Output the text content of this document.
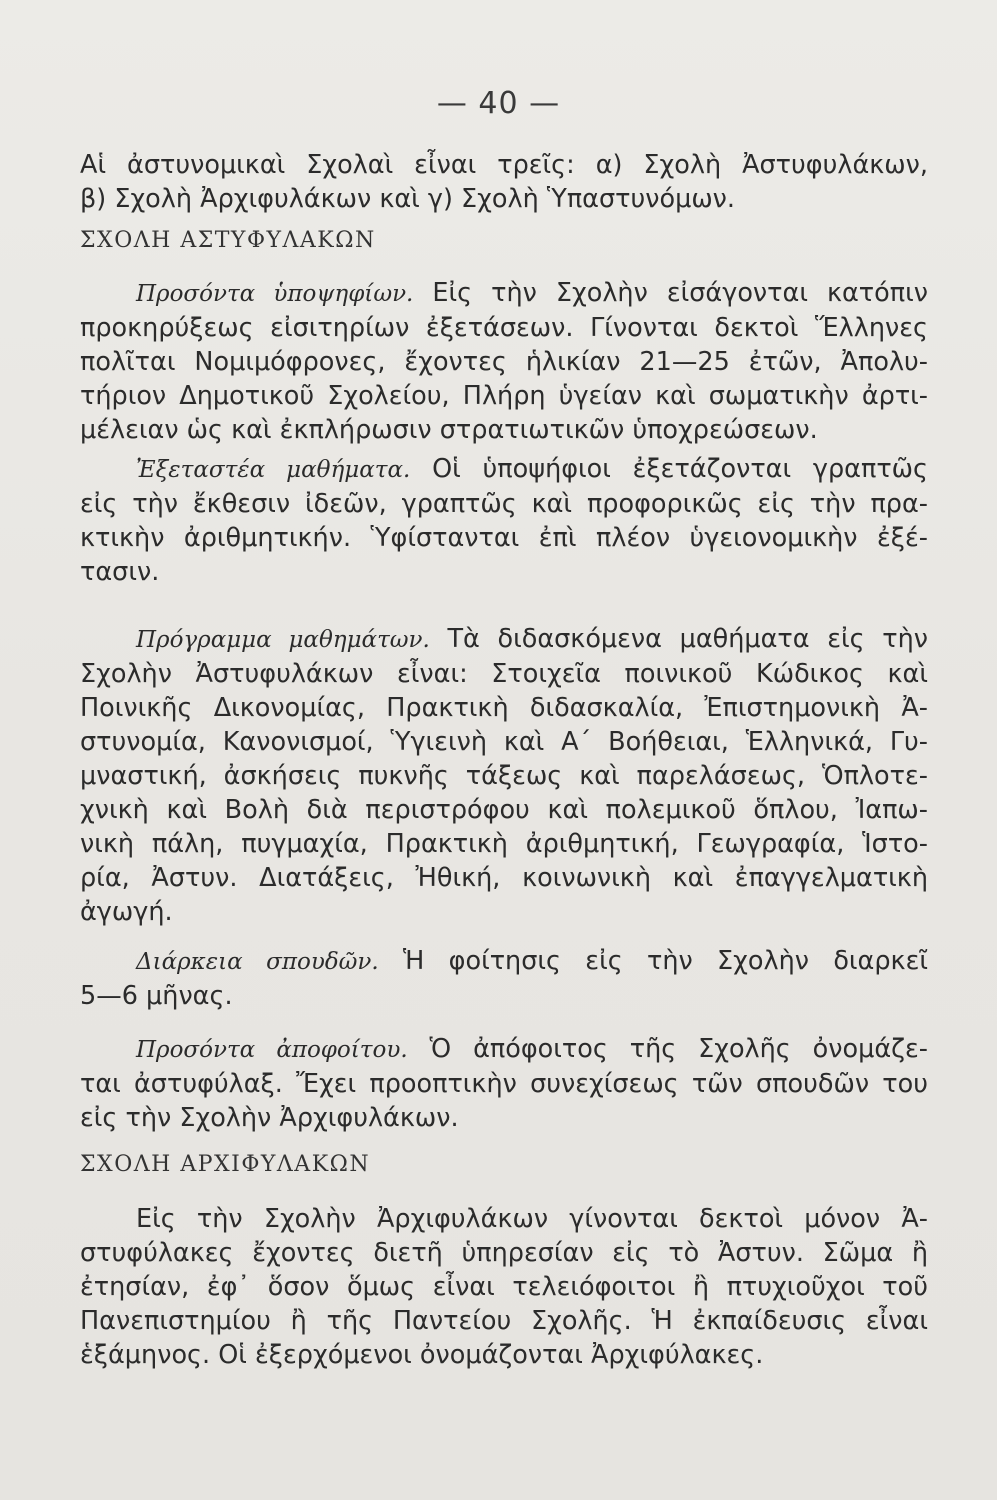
— 40 —
Αἱ ἀστυνομικαὶ Σχολαὶ εἶναι τρεῖς: α) Σχολὴ Ἀστυφυλάκων,
β) Σχολὴ Ἀρχιφυλάκων καὶ γ) Σχολὴ Ὑπαστυνόμων.
ΣΧΟΛΗ ΑΣΤΥΦΥΛΑΚΩΝ
Προσόντα ὑποψηφίων. Εἰς τὴν Σχολὴν εἰσάγονται κατόπιν
προκηρύξεως εἰσιτηρίων ἐξετάσεων. Γίνονται δεκτοὶ Ἕλληνες
πολῖται Νομιμόφρονες, ἔχοντες ἡλικίαν 21—25 ἐτῶν, Ἀπολυ-
τήριον Δημοτικοῦ Σχολείου, Πλήρη ὑγείαν καὶ σωματικὴν ἀρτι-
μέλειαν ὡς καὶ ἐκπλήρωσιν στρατιωτικῶν ὑποχρεώσεων.
Ἐξεταστέα μαθήματα. Οἱ ὑποψήφιοι ἐξετάζονται γραπτῶς
εἰς τὴν ἔκθεσιν ἰδεῶν, γραπτῶς καὶ προφορικῶς εἰς τὴν πρα-
κτικὴν ἀριθμητικήν. Ὑφίστανται ἐπὶ πλέον ὑγειονομικὴν ἐξέ-
τασιν.
Πρόγραμμα μαθημάτων. Τὰ διδασκόμενα μαθήματα εἰς τὴν
Σχολὴν Ἀστυφυλάκων εἶναι: Στοιχεῖα ποινικοῦ Κώδικος καὶ
Ποινικῆς Δικονομίας, Πρακτικὴ διδασκαλία, Ἐπιστημονικὴ Ἀ-
στυνομία, Κανονισμοί, Ὑγιεινὴ καὶ Α΄ Βοήθειαι, Ἑλληνικά, Γυ-
μναστική, ἀσκήσεις πυκνῆς τάξεως καὶ παρελάσεως, Ὁπλοτε-
χνικὴ καὶ Βολὴ διὰ περιστρόφου καὶ πολεμικοῦ ὅπλου, Ἰαπω-
νικὴ πάλη, πυγμαχία, Πρακτικὴ ἀριθμητική, Γεωγραφία, Ἱστο-
ρία, Ἀστυν. Διατάξεις, Ἠθική, κοινωνικὴ καὶ ἐπαγγελματικὴ
ἀγωγή.
Διάρκεια σπουδῶν. Ἡ φοίτησις εἰς τὴν Σχολὴν διαρκεῖ
5—6 μῆνας.
Προσόντα ἀποφοίτου. Ὁ ἀπόφοιτος τῆς Σχολῆς ὀνομάζε-
ται ἀστυφύλαξ. Ἔχει προοπτικὴν συνεχίσεως τῶν σπουδῶν του
εἰς τὴν Σχολὴν Ἀρχιφυλάκων.
ΣΧΟΛΗ ΑΡΧΙΦΥΛΑΚΩΝ
Εἰς τὴν Σχολὴν Ἀρχιφυλάκων γίνονται δεκτοὶ μόνον Ἀ-
στυφύλακες ἔχοντες διετῆ ὑπηρεσίαν εἰς τὸ Ἀστυν. Σῶμα ἢ
ἐτησίαν, ἐφ᾽ ὅσον ὅμως εἶναι τελειόφοιτοι ἢ πτυχιοῦχοι τοῦ
Πανεπιστημίου ἢ τῆς Παντείου Σχολῆς. Ἡ ἐκπαίδευσις εἶναι
ἑξάμηνος. Οἱ ἐξερχόμενοι ὀνομάζονται Ἀρχιφύλακες.
